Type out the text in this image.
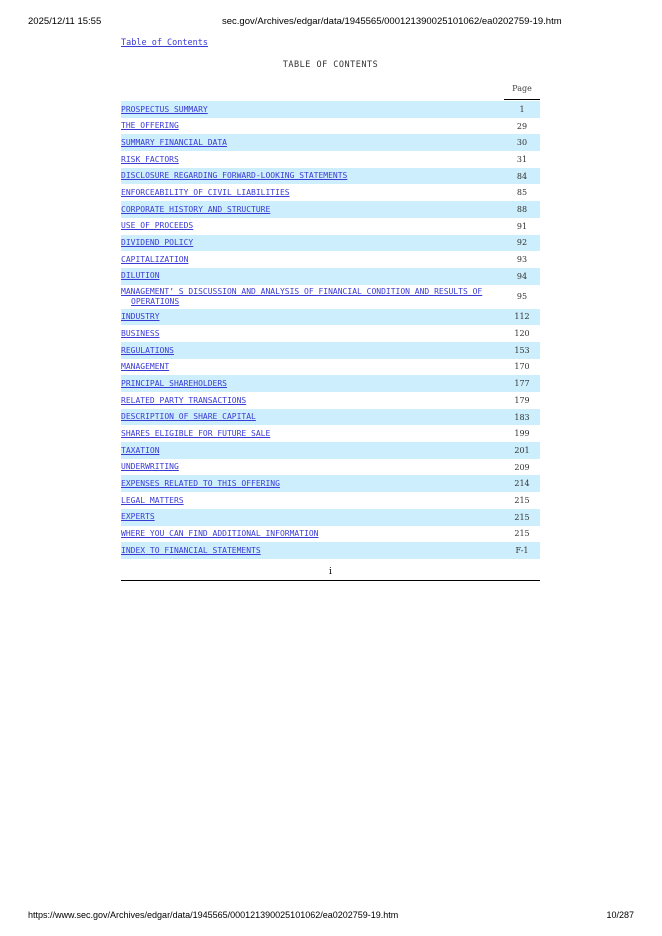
2025/12/11 15:55	sec.gov/Archives/edgar/data/1945565/000121390025101062/ea0202759-19.htm
Table of Contents
TABLE OF CONTENTS
Page
PROSPECTUS SUMMARY	1
THE OFFERING	29
SUMMARY FINANCIAL DATA	30
RISK FACTORS	31
DISCLOSURE REGARDING FORWARD-LOOKING STATEMENTS	84
ENFORCEABILITY OF CIVIL LIABILITIES	85
CORPORATE HISTORY AND STRUCTURE	88
USE OF PROCEEDS	91
DIVIDEND POLICY	92
CAPITALIZATION	93
DILUTION	94
MANAGEMENT’ S DISCUSSION AND ANALYSIS OF FINANCIAL CONDITION AND RESULTS OF
OPERATIONS	95
INDUSTRY	112
BUSINESS	120
REGULATIONS	153
MANAGEMENT	170
PRINCIPAL SHAREHOLDERS	177
RELATED PARTY TRANSACTIONS	179
DESCRIPTION OF SHARE CAPITAL	183
SHARES ELIGIBLE FOR FUTURE SALE	199
TAXATION	201
UNDERWRITING	209
EXPENSES RELATED TO THIS OFFERING	214
LEGAL MATTERS	215
EXPERTS	215
WHERE YOU CAN FIND ADDITIONAL INFORMATION	215
INDEX TO FINANCIAL STATEMENTS	F-1
i
https://www.sec.gov/Archives/edgar/data/1945565/000121390025101062/ea0202759-19.htm	10/287
